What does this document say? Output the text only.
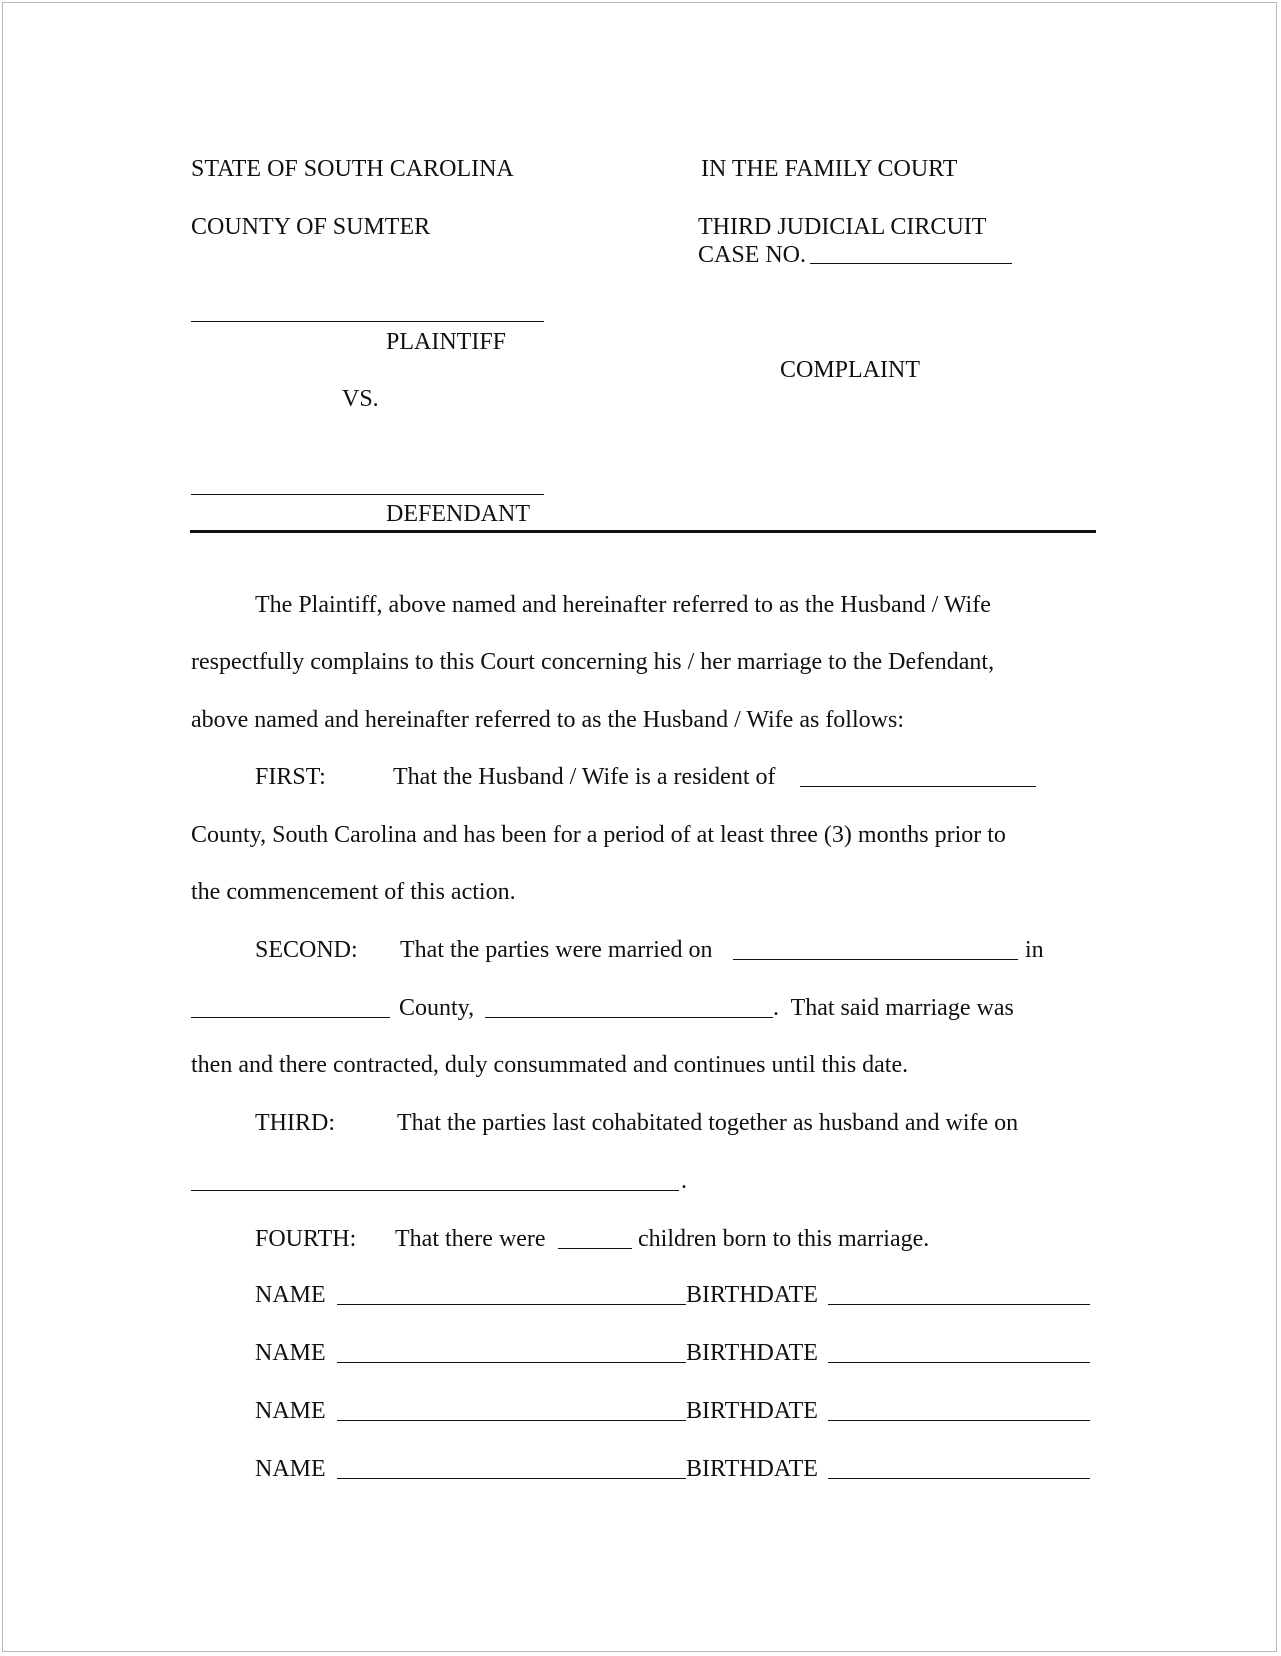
STATE OF SOUTH CAROLINA	IN THE FAMILY COURT
COUNTY OF SUMTER	THIRD JUDICIAL CIRCUIT
CASE NO.
PLAINTIFF
COMPLAINT
VS.
DEFENDANT
The Plaintiff, above named and hereinafter referred to as the Husband / Wife
respectfully complains to this Court concerning his / her marriage to the Defendant,
above named and hereinafter referred to as the Husband / Wife as follows:
FIRST:	That the Husband / Wife is a resident of
County, South Carolina and has been for a period of at least three (3) months prior to
the commencement of this action.
SECOND: That the parties were married on	in
County,	.  That said marriage was
then and there contracted, duly consummated and continues until this date.
THIRD:	That the parties last cohabitated together as husband and wife on
.
FOURTH: That there were	children born to this marriage.
NAME	BIRTHDATE
NAME	BIRTHDATE
NAME	BIRTHDATE
NAME	BIRTHDATE
